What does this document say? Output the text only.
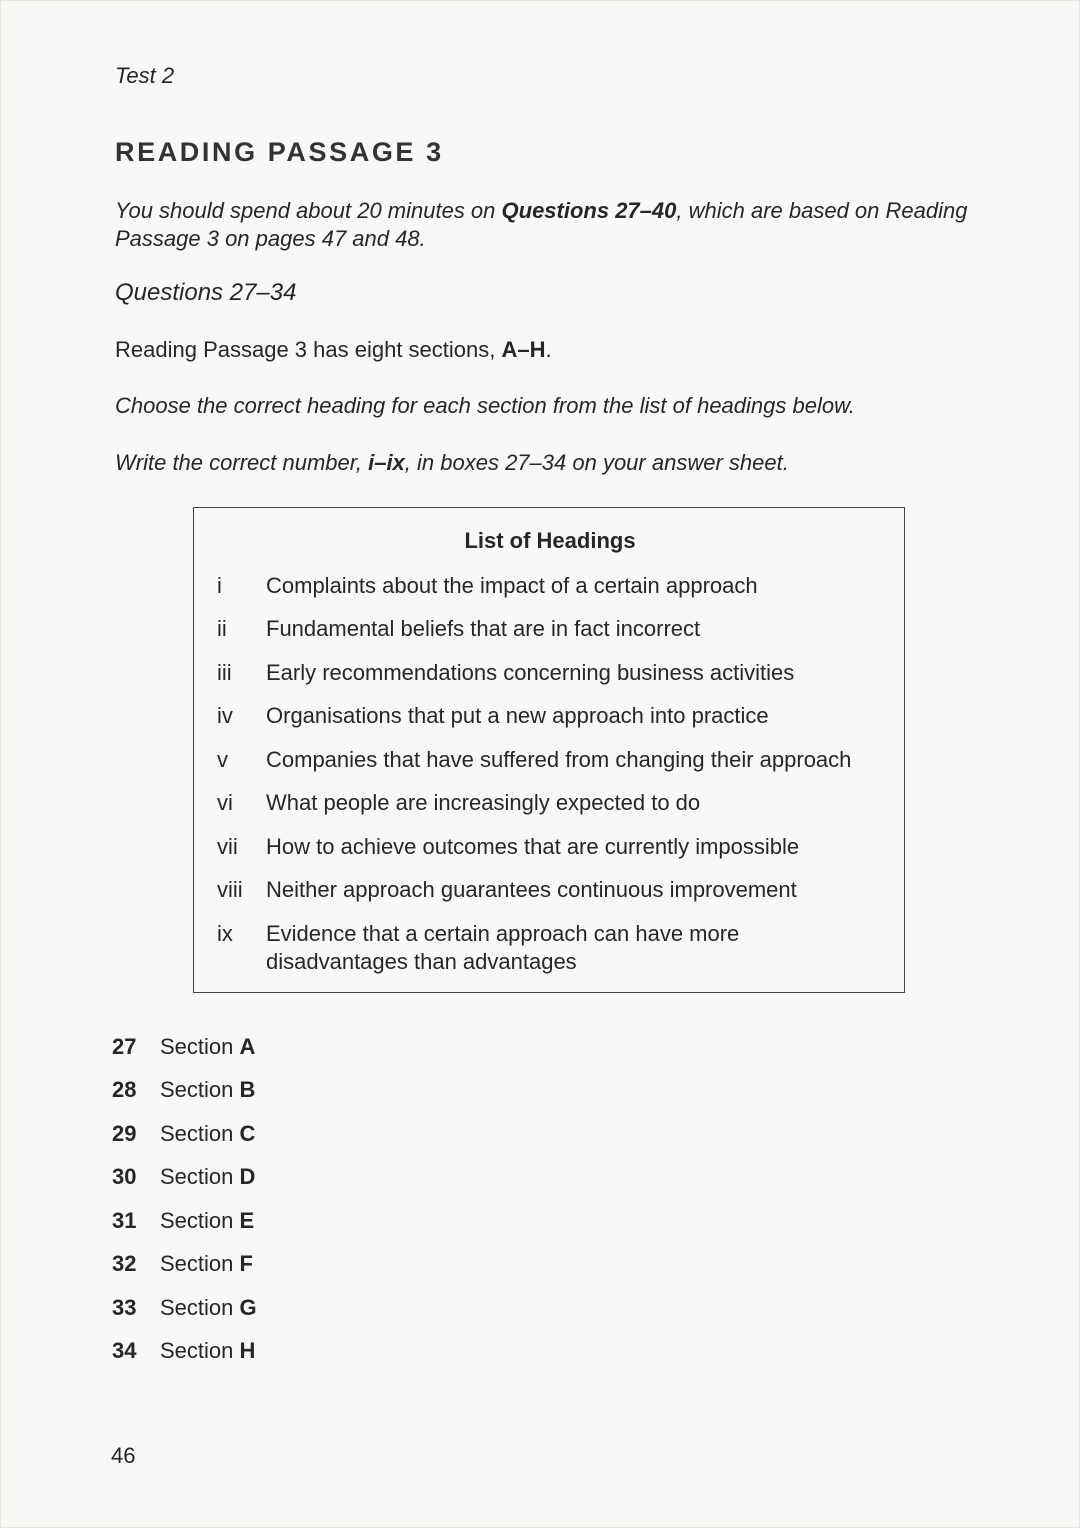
Test 2
READING PASSAGE 3
You should spend about 20 minutes on Questions 27–40, which are based on Reading Passage 3 on pages 47 and 48.
Questions 27–34
Reading Passage 3 has eight sections, A–H.
Choose the correct heading for each section from the list of headings below.
Write the correct number, i–ix, in boxes 27–34 on your answer sheet.
List of Headings
i	Complaints about the impact of a certain approach
ii	Fundamental beliefs that are in fact incorrect
iii	Early recommendations concerning business activities
iv	Organisations that put a new approach into practice
v	Companies that have suffered from changing their approach
vi	What people are increasingly expected to do
vii	How to achieve outcomes that are currently impossible
viii	Neither approach guarantees continuous improvement
ix	Evidence that a certain approach can have more disadvantages than advantages
27	Section A
28	Section B
29	Section C
30	Section D
31	Section E
32	Section F
33	Section G
34	Section H
46
